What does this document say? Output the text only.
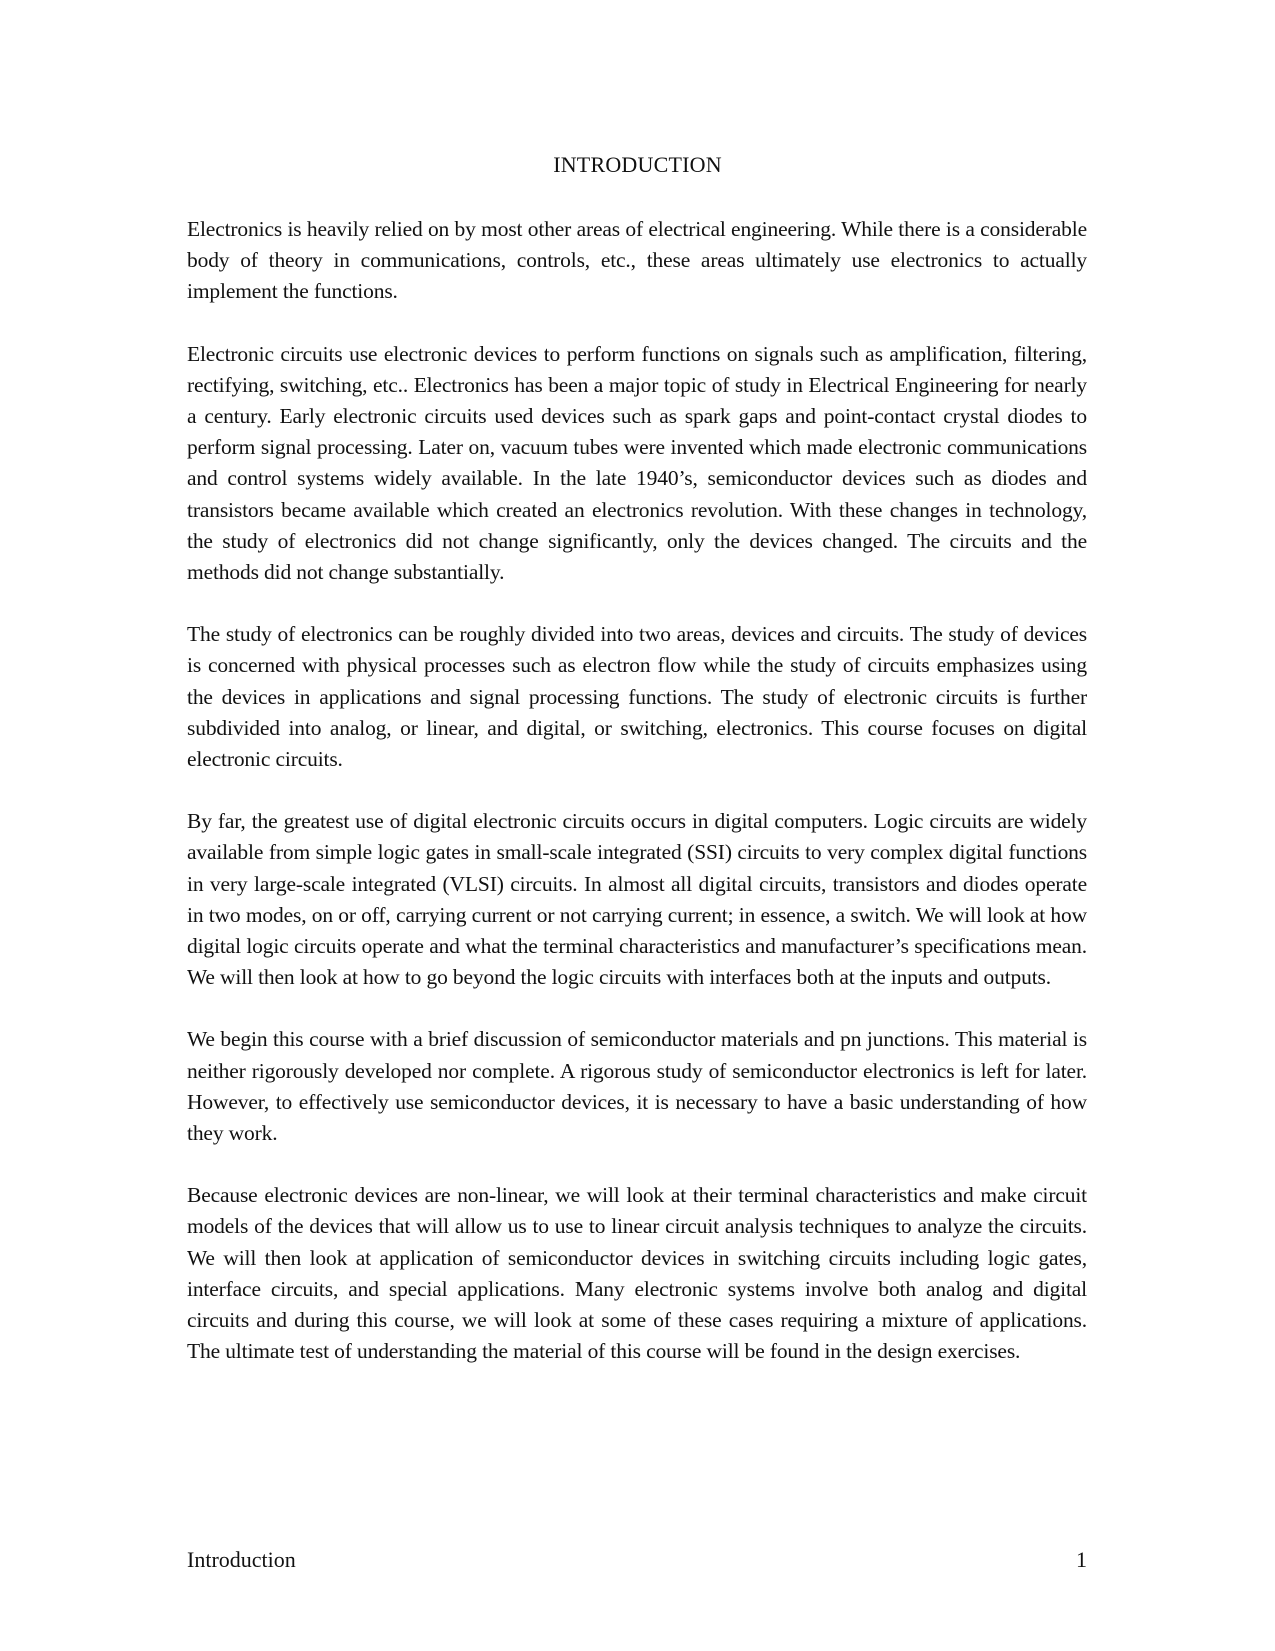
INTRODUCTION

Electronics is heavily relied on by most other areas of electrical engineering. While there is a considerable body of theory in communications, controls, etc., these areas ultimately use electronics to actually implement the functions.

Electronic circuits use electronic devices to perform functions on signals such as amplification, filtering, rectifying, switching, etc.. Electronics has been a major topic of study in Electrical Engineering for nearly a century. Early electronic circuits used devices such as spark gaps and point-contact crystal diodes to perform signal processing. Later on, vacuum tubes were invented which made electronic communications and control systems widely available. In the late 1940’s, semiconductor devices such as diodes and transistors became available which created an electronics revolution. With these changes in technology, the study of electronics did not change significantly, only the devices changed. The circuits and the methods did not change substantially.

The study of electronics can be roughly divided into two areas, devices and circuits. The study of devices is concerned with physical processes such as electron flow while the study of circuits emphasizes using the devices in applications and signal processing functions. The study of electronic circuits is further subdivided into analog, or linear, and digital, or switching, electronics. This course focuses on digital electronic circuits.

By far, the greatest use of digital electronic circuits occurs in digital computers. Logic circuits are widely available from simple logic gates in small-scale integrated (SSI) circuits to very complex digital functions in very large-scale integrated (VLSI) circuits. In almost all digital circuits, transistors and diodes operate in two modes, on or off, carrying current or not carrying current; in essence, a switch. We will look at how digital logic circuits operate and what the terminal characteristics and manufacturer’s specifications mean. We will then look at how to go beyond the logic circuits with interfaces both at the inputs and outputs.

We begin this course with a brief discussion of semiconductor materials and pn junctions. This material is neither rigorously developed nor complete. A rigorous study of semiconductor electronics is left for later. However, to effectively use semiconductor devices, it is necessary to have a basic understanding of how they work.

Because electronic devices are non-linear, we will look at their terminal characteristics and make circuit models of the devices that will allow us to use to linear circuit analysis techniques to analyze the circuits. We will then look at application of semiconductor devices in switching circuits including logic gates, interface circuits, and special applications. Many electronic systems involve both analog and digital circuits and during this course, we will look at some of these cases requiring a mixture of applications. The ultimate test of understanding the material of this course will be found in the design exercises.

Introduction	1
